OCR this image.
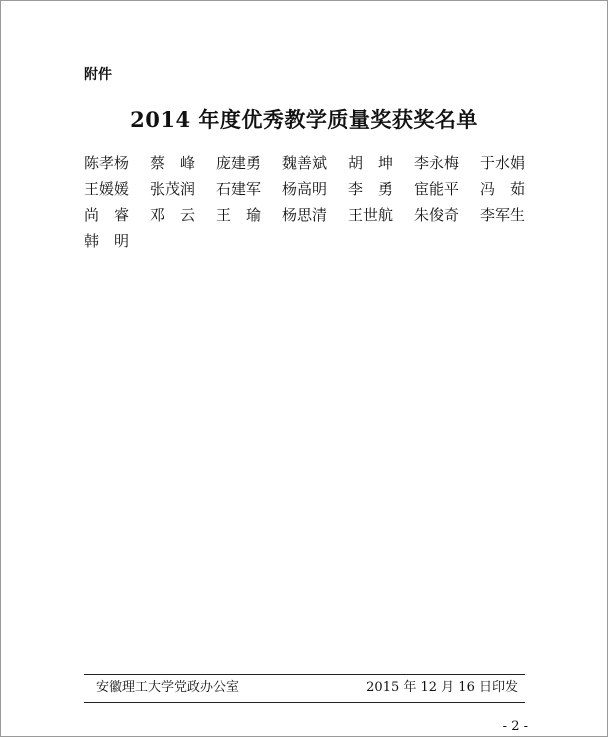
附件
2014 年度优秀教学质量奖获奖名单
陈孝杨 蔡　峰 庞建勇 魏善斌 胡　坤 李永梅 于水娟
王媛媛 张茂润 石建军 杨高明 李　勇 宦能平 冯　茹
尚　睿 邓　云 王　瑜 杨思清 王世航 朱俊奇 李军生
韩　明
安徽理工大学党政办公室	2015 年 12 月 16 日印发
- 2 -
